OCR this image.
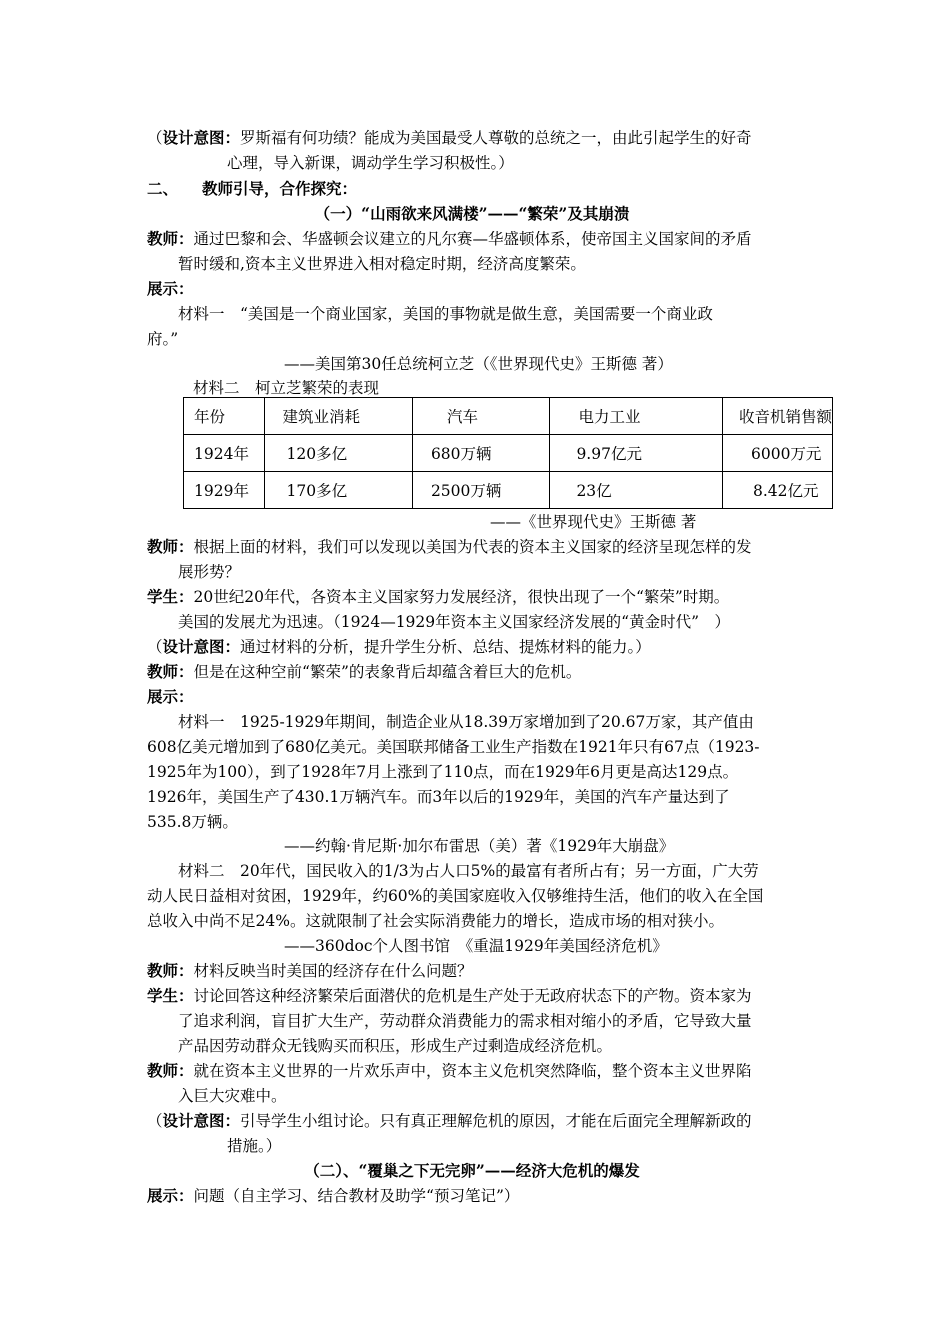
（设计意图：罗斯福有何功绩？能成为美国最受人尊敬的总统之一，由此引起学生的好奇
心理，导入新课，调动学生学习积极性。）
二、 教师引导，合作探究：
（一）“山雨欲来风满楼”——“繁荣”及其崩溃
教师：通过巴黎和会、华盛顿会议建立的凡尔赛—华盛顿体系，使帝国主义国家间的矛盾
暂时缓和,资本主义世界进入相对稳定时期，经济高度繁荣。
展示：
材料一　“美国是一个商业国家，美国的事物就是做生意，美国需要一个商业政
府。”
——美国第30任总统柯立芝（《世界现代史》王斯德 著）
材料二　柯立芝繁荣的表现
年份	建筑业消耗	汽车	电力工业	收音机销售额
1924年	120多亿	680万辆	9.97亿元	6000万元
1929年	170多亿	2500万辆	23亿	8.42亿元
——《世界现代史》王斯德 著
教师：根据上面的材料，我们可以发现以美国为代表的资本主义国家的经济呈现怎样的发
展形势？
学生：20世纪20年代，各资本主义国家努力发展经济，很快出现了一个“繁荣”时期。
美国的发展尤为迅速。（1924—1929年资本主义国家经济发展的“黄金时代”　）
（设计意图：通过材料的分析，提升学生分析、总结、提炼材料的能力。）
教师：但是在这种空前“繁荣”的表象背后却蕴含着巨大的危机。
展示：
材料一　1925-1929年期间，制造企业从18.39万家增加到了20.67万家，其产值由
608亿美元增加到了680亿美元。美国联邦储备工业生产指数在1921年只有67点（1923-
1925年为100），到了1928年7月上涨到了110点，而在1929年6月更是高达129点。
1926年，美国生产了430.1万辆汽车。而3年以后的1929年，美国的汽车产量达到了
535.8万辆。
——约翰·肯尼斯·加尔布雷思（美）著《1929年大崩盘》
材料二　20年代，国民收入的1/3为占人口5%的最富有者所占有；另一方面，广大劳
动人民日益相对贫困，1929年，约60%的美国家庭收入仅够维持生活，他们的收入在全国
总收入中尚不足24%。这就限制了社会实际消费能力的增长，造成市场的相对狭小。
——360doc个人图书馆　《重温1929年美国经济危机》
教师：材料反映当时美国的经济存在什么问题？
学生：讨论回答这种经济繁荣后面潜伏的危机是生产处于无政府状态下的产物。资本家为
了追求利润，盲目扩大生产，劳动群众消费能力的需求相对缩小的矛盾，它导致大量
产品因劳动群众无钱购买而积压，形成生产过剩造成经济危机。
教师：就在资本主义世界的一片欢乐声中，资本主义危机突然降临，整个资本主义世界陷
入巨大灾难中。
（设计意图：引导学生小组讨论。只有真正理解危机的原因，才能在后面完全理解新政的
措施。）
（二）、“覆巢之下无完卵”——经济大危机的爆发
展示：问题（自主学习、结合教材及助学“预习笔记”）
